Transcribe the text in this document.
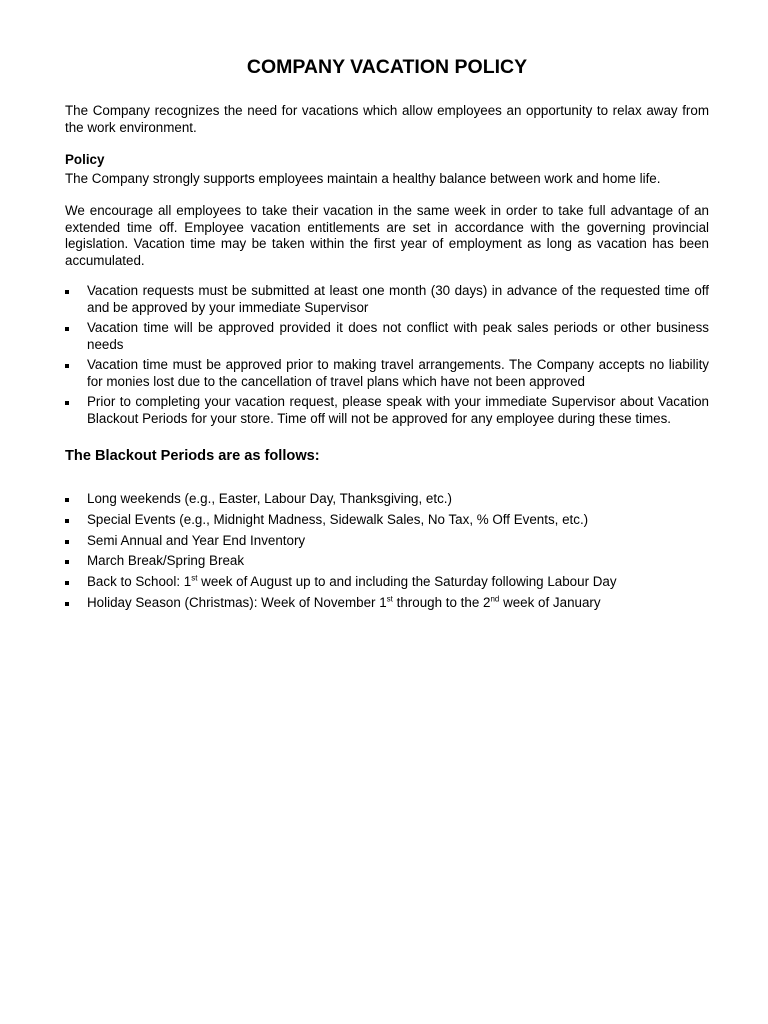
COMPANY VACATION POLICY

The Company recognizes the need for vacations which allow employees an opportunity to relax away from the work environment.

Policy

The Company strongly supports employees maintain a healthy balance between work and home life.

We encourage all employees to take their vacation in the same week in order to take full advantage of an extended time off. Employee vacation entitlements are set in accordance with the governing provincial legislation. Vacation time may be taken within the first year of employment as long as vacation has been accumulated.

Vacation requests must be submitted at least one month (30 days) in advance of the requested time off and be approved by your immediate Supervisor
Vacation time will be approved provided it does not conflict with peak sales periods or other business needs
Vacation time must be approved prior to making travel arrangements. The Company accepts no liability for monies lost due to the cancellation of travel plans which have not been approved
Prior to completing your vacation request, please speak with your immediate Supervisor about Vacation Blackout Periods for your store. Time off will not be approved for any employee during these times.
The Blackout Periods are as follows:
Long weekends (e.g., Easter, Labour Day, Thanksgiving, etc.)
Special Events (e.g., Midnight Madness, Sidewalk Sales, No Tax, % Off Events, etc.)
Semi Annual and Year End Inventory
March Break/Spring Break
Back to School: 1st week of August up to and including the Saturday following Labour Day
Holiday Season (Christmas): Week of November 1st through to the 2nd week of January
